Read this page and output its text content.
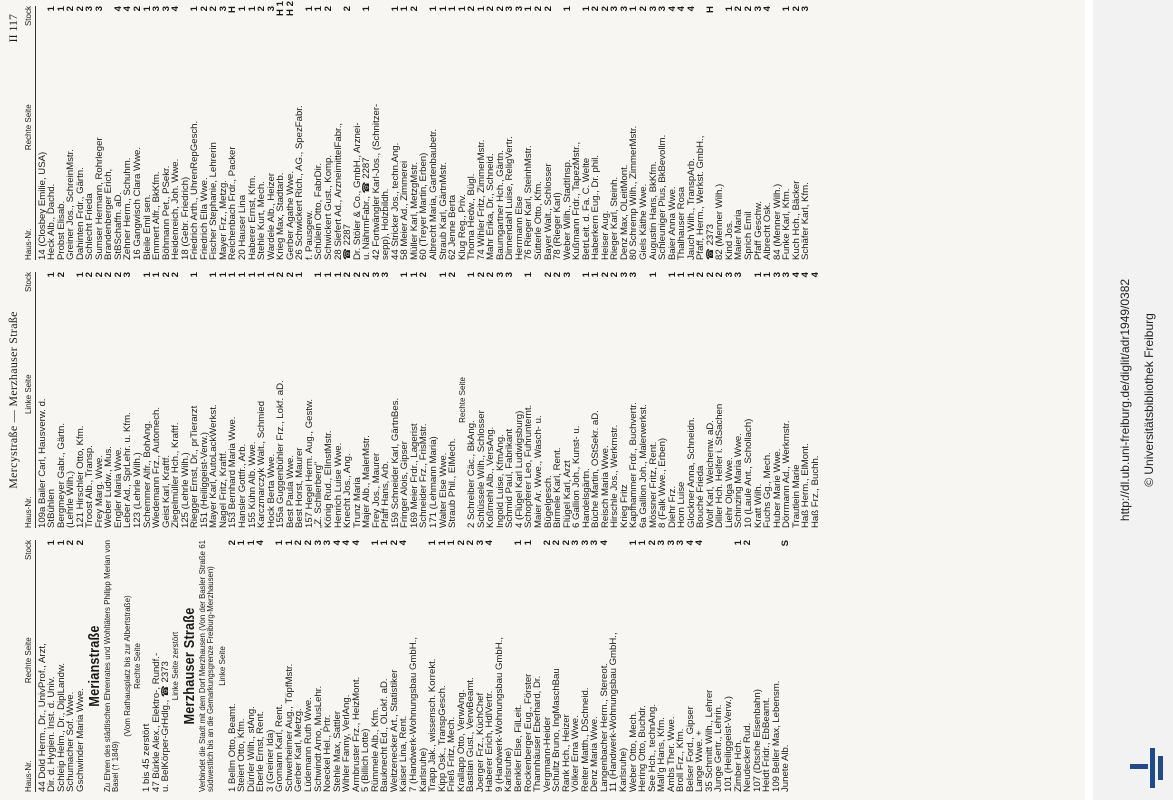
Mercystraße — Merzhauser Straße
II 117
Haus-Nr.
Rechte Seite
Stock
44 Dold Herm., Dr., UnivProf., Arzt,
1
Dir. d. Hygien. Inst. d. Univ.
1
Schleip Helm., Dr., DiplLandw.
2
Schumacher Sof. Wwe.
2
Gschwinder Maria Wwe.
Merianstraße Zu Ehren des städtischen Ehrenrates und Wohltäters Philipp Merian von Basel († 1849)
(Vom Rathausplatz bis zur Albertstraße) Rechte Seite
1 bis 45 zerstört
47 Bürkle Alex., Elektro-, Rundf.-
u. BelKörper-GrHdlg., ☎ 2373 Linke Seite zerstört Merzhauser Straße Verbindet die Stadt mit dem Dorf Merzhausen (Von der Basler Straße 61 südwestlich bis an die Gemarkungsgrenze Freiburg-Merzhausen) Linke Seite
2
1 Bellm Otto, Beamt.
1
Steiert Otto, Kfm.
1
Dürrler Wilh., stAng.
4
Eberle Ernst, Rent.
3 (Greiner Ida)
1
Gromann Karl, Rent.
1
Schwerheimer Aug., TöpfMstr.
2
Gerber Karl, Metzg.
2
Lüdemann Ruth Wwe.
3
Schwindt Arno, MusLehr.
3
Noeckel Hel., Prtr.
4
Stehle Max, Sattler
4
Wihler Fanny, VerlAng.
4
Armbruster Frz., HeizMont.
5 (Billich Lotte)
1
Rümmele Alb., Kfm.
1
Bauknecht Ed., OLokf. aD.
2
Weitzenecker Art., Statistiker
4
Kaiser Lina, Rent.
7 (Handwerk-Wohnungsbau GmbH.,
Karlsruhe)
1
Trapp Jak., wissensch. Korrekt.
1
Kipp Osk., TranspGesch.
1
Frieß Fritz, Mech.
2
Krallapp Otto, VerwAng.
2
Bastian Gust., VerwBeamt.
3
Joerger Frz., KüchChef
4
Haberer Erich, HdlVertr.
9 (Handwerk-Wohnungsbau GmbH.,
Karlsruhe)
1
Benkler Else, FilLeit.
1
Rockenberger Eug., Förster
Thannhäuser Eberhard, Dr.
2
Vergmann-Heider
2
Schultz Bruno, IngMaschBau
2
Rank Hch., Heizer
3
Völker Erna Wwe.
3
Reiter Matth., DSchneid.
3
Denz Maria Wwe.
4
Langenbacher Herm., Stereot.
11 (Handwerk-Wohnungsbau GmbH.,
Karlsruhe)
1
Weber Otto, Mech.
1
Hering Otto, Buchdr.
2
See Hch., technAng.
3
Mall'g Hans, Kfm.
3
Ambs Ther. Wwe.
3
Broll Frz., Kfm.
4
Belser Ford., Gipser
4
Lange Wwe. +
35 Schmitt Wilh., Lehrer
Junge Gertr., Lehrin.
101 (Heiliggeist-Verw.)
1
Zimber Hch.
2
Neudecker Rud.
107 (Dtsche Eisenbahn)
Heidt Fridr., EbBeamt.
109 Beller Max, Lebensm.
S
Junete Alb.
Haus-Nr.
Linke Seite
Stock
109a Bailer Carl, Hausverw. d.
1
StBühlen
2
Bergmeyer Gabr., Gärtn.
(Lehrle Wilh.)
1
121 Hirschler Otto, Kfm.
2
Troost Alb., Transp.
2
Frey Marg. Wwe.
2
Weber Ludw., Mus.
2
Engler Maria Wwe.
3
Leber Ad., SprLehr. u. Kfm.
123 (Lehrle Wilh.)
1
Schemmer Alfr., BohAng.
1
Wiedemann Frz., Automech.
2
Geist Karl, Kraftf.
2
Ziegelmüller Hch., Kraftf.
125 (Lehrle Wilh.)
1
Riegger Ernst, Dr., prTierarzt
151 (Heiliggeist-Verw.)
1
Mayer Karl, AutoLackWerkst.
1
Nagel Fritz, Kraftf.
1
153 Bernhard Maria Wwe.
1
Hansler Gottfr., Arb.
1
155 Kühn Alb. Wwe.
1
Karczmarczyk Walt., Schmied
1
Hock Berta Wwe.
2
155a Guggenbühler Frz., Lokf. aD.
2
Best Paula Wwe.
1
Best Horst, Maurer
157 Hegel Herm. Aug., Gestw.
1
„Z. Schlierberg"
1
König Rud., ElInstMstr.
1
Henrich Luise Wwe.
2
Knecht Jos., Ang.
2
Trunz Maria
2
Majer Alb., MalerMstr.
3
Frey Jos., Maurer
3
Pfaff Hans, Arb.
159 Schneider Karl, GärtnBes.
1
Fringer Alois, Gipser
1
169 Meier Frdr., Lagerist
2
Schneider Frz., FrisMstr.
171 (Lehmann Maria)
1
Walter Else Wwe.
2
Straub Phil., ElMech.
Rechte Seite
1
2 Schreiber Cäc., BkAng.
2
Schlüssele Wilh., Schlosser
2
Koßmehl Alb., VersAng.
3
Ingold Luise, KfmAng.
3
Schmid Paul, Fabrikant
4 (Flügel Karl Ludwigsburg)
1
Schopferer Leo, Fuhrunternt.
Maier Ar. Wwe., Wasch- u.
2
Bügelgesch.
2
Birmele Karl, Rent.
3
Flügel Karl, Arzt
6 Gallion Joh., Kunst- u.
1
Handelsgärtn.
1
Büche Martin, OStSekr. aD.
2
Reisch Maria Wwe.
2
Hirschle Jos., Werkmstr.
3
Krieg Fritz
3
Kapfhammer Frdr., Buchvertr.
6a Gallion Joh., Malerwerkst.
1
Mössner Fritz, Rent.
8 (Falk Wwe., Erben)
1
Diehr Frz.
1
Horn Luise
1
Glockner Anna, Schneidn.
2
Bouché Frieda
2
Wolf Karl, Weichenw. aD.
2
Diller Hch. Helfer i. StSachen
3
Liehr Olga Wwe.
3
Schinzing Maria Wwe.
10 (Laule Ant., Schollach)
1
Kratt Wilh.
1
Fuchs Gg., Mech.
3
Huber Marie Wwe.
3
Dörrmann Ad., Werkmstr.
4
Trautlein Marie
4
Haß Herm., ElMont.
4
Haß Frz., Buchh.
Haus-Nr.
Rechte Seite
Stock
14 (Closbey Emilie, USA)
1
Heck Alb., Dachd.
1
Probst Elisab.
2
Greiner Jos., SchreinMstr.
2
Dahinten Frdr., Gärtn.
3
Schlecht Frieda
3
Sumser Hermann, Rohrleger
Brandenberger Erich,
4
StBSchaffn. aD.
4
Zehner Herm., Schuhm.
2
16 Gangwisch Clara Wwe.
1
Bleile Emil sen.
3
Emmert Alfr., BkKfm.
3
Böhmann Pet., PSekr.
4
Heidenreich, Joh. Wwe.
18 (Gebr. Friedrich)
1
Friedrich Arth., UhrenRepGesch.
2
Friedrich Ella Wwe.
2
Fischer Stephanie, Lehrerin
3
Mayer Frz., Metzg.
H
Reichenbach Frdr., Packer
1
20 Hauser Lina
1
Haberer Ernst, Kfm.
2
Stehle Kurt, Mech.
3
Wardele Alb., Heizer
H 1
Krieg Max, Stadtarb.
H 2
Gerber Agathe Wwe.
26 Schwickert Rich., AG., SpezFabr.
1
f. Pausgew.
1
Schülein Otto, FabrDir.
2
Schwickert Gust., Komp.
28 Siefert Ad., ArzneimittelFabr.,
2
☎ 2287
Dr. Stöler & Co., GmbH., Arznei-
1
u. NährmFabr., ☎ 2287
42 Fortwängler Karl-Jos., (Schnitzer-
sepp), Holzbildh.
1
44 Stricker Jos., techn.Ang.
1
58 Meier Ad., Zimmerei
2
Müller Karl, MetzgMstr.
60 (Treyer Martin, Erben)
1
Albrecht Maria, Gartenbaubetr.
1
Straub Karl, GärtnMstr.
1
62 Jenne Berta
1
Klug Reg., Priv.
2
Thoma Hedw., Bügl.
1
74 Wihler Fritz, ZimmerMstr.
2
Mahr Erika, Dr., Schneid.
2
Baumgartner Hch., Gärtn.
3
Dinnendahl Luise, ReligVertr.
3
Herrmann Else
1
76 Rieger Karl, SteinhMstr.
2
Sütterle Otto, Kfm.
2
Bayer Walt., Schlosser
78 (Rieger Karl)
1
Weber Wilh., StadtInsp.
Kußmann Frdr., TapezMstr.,
1
BetrLeit. d. Fa. C. Welte
2
Haberkern Eug., Dr. phil.
2
Heiser Aug.
3
Rieger Karl, Steinh.
3
Denz Max, OLeitMont.
1
80 Schremp Wilh., ZimmerMstr.
2
Giels Käthe Wwe.
3
Augustin Hans, BkKfm.
3
Schleuniger Pius, BkBevollm.
4
Baier Anna Wwe.
4
Thalhauser Rosa
4
Jauch Wilh., TranspArb.
Pfaff, Herm., Werkst. GmbH.,
H
☎ 2373
82 (Menner Wilh.)
1
Kind Jos.
2
Maier Maria
2
Sprich Emil
3
Pfaff Geschw.
4
Albrecht Osk.
84 (Menner Wilh.)
1
Funke Karl, Kfm.
2
Kuch Hch., Bäcker
3
Schäfer Karl, Kfm.
http://dl.ub.uni-freiburg.de/diglit/adr1949/0382 © Universitätsbibliothek Freiburg
